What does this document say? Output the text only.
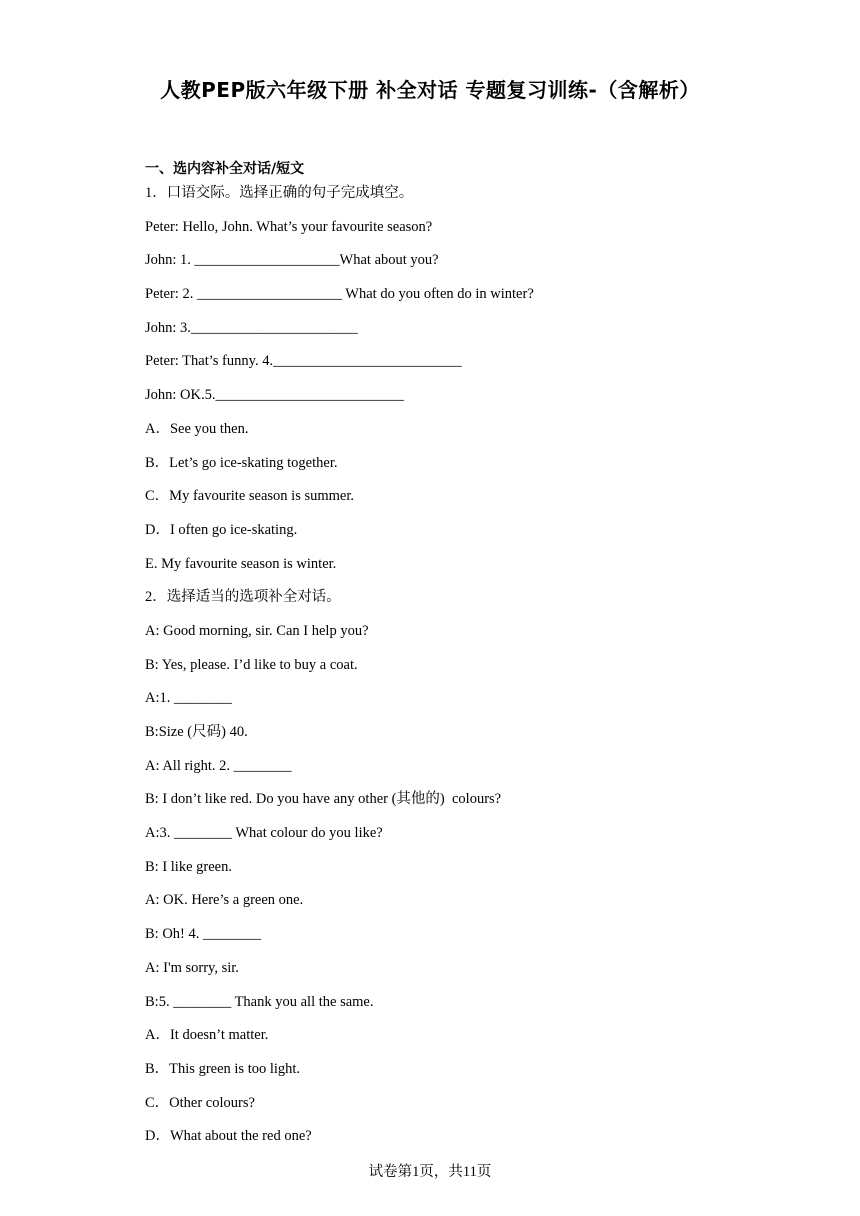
人教PEP版六年级下册 补全对话 专题复习训练-（含解析）
一、选内容补全对话/短文
1．口语交际。选择正确的句子完成填空。
Peter: Hello, John. What’s your favourite season?
John: 1. ____________________What about you?
Peter: 2. ____________________ What do you often do in winter?
John: 3._______________________
Peter: That’s funny. 4.__________________________
John: OK.5.__________________________
A．See you then.
B．Let’s go ice-skating together.
C．My favourite season is summer.
D．I often go ice-skating.
E. My favourite season is winter.
2．选择适当的选项补全对话。
A: Good morning, sir. Can I help you?
B: Yes, please. I’d like to buy a coat.
A:1. ________
B:Size (尺码) 40.
A: All right. 2. ________
B: I don’t like red. Do you have any other (其他的)  colours?
A:3. ________ What colour do you like?
B: I like green.
A: OK. Here’s a green one.
B: Oh! 4. ________
A: I'm sorry, sir.
B:5. ________ Thank you all the same.
A．It doesn’t matter.
B．This green is too light.
C．Other colours?
D．What about the red one?
试卷第1页，共11页
